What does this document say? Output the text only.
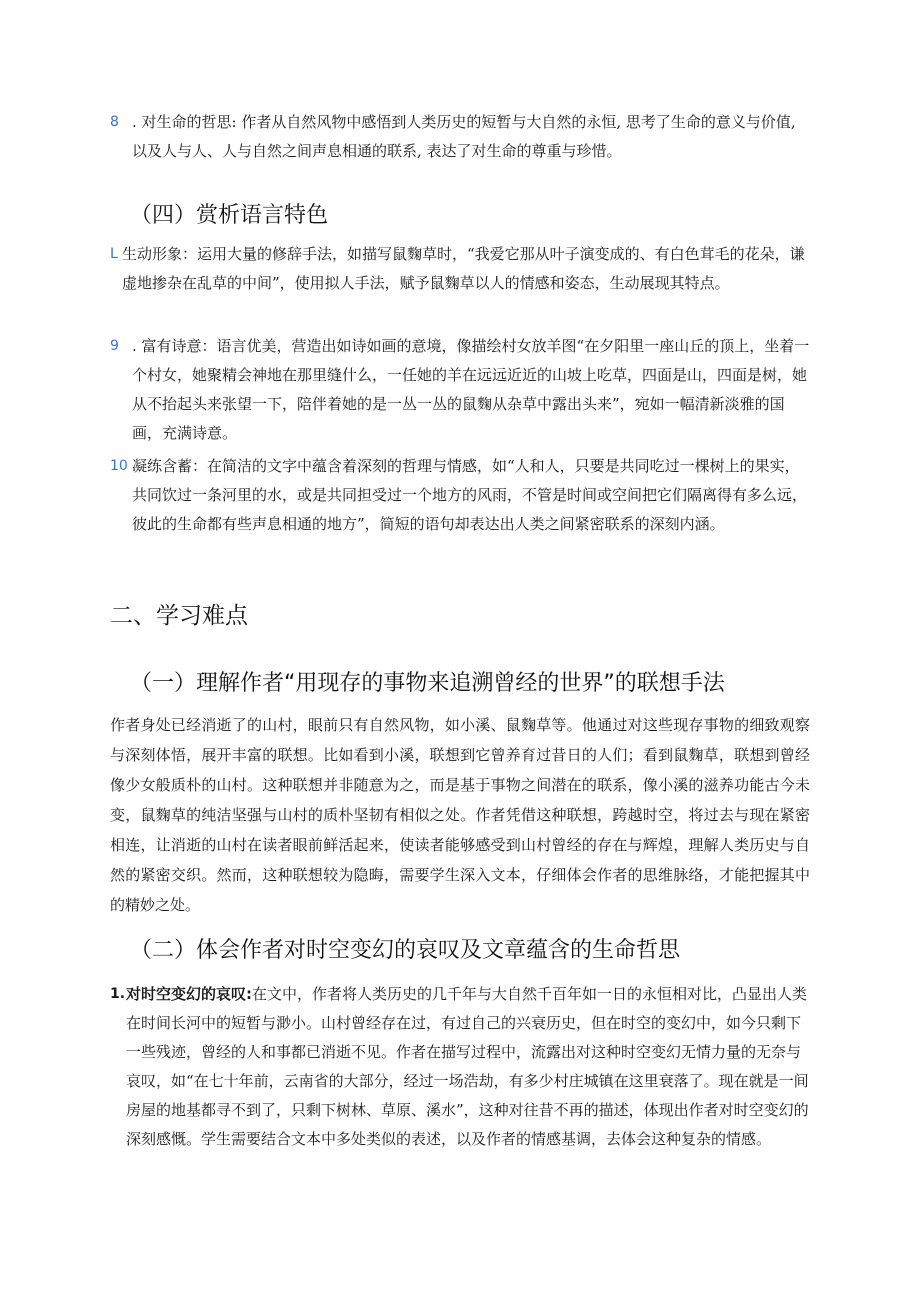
8 . 对生命的哲思: 作者从自然风物中感悟到人类历史的短暂与大自然的永恒, 思考了生命的意义与价值, 以及人与人、人与自然之间声息相通的联系, 表达了对生命的尊重与珍惜。
（四）赏析语言特色
L 生动形象：运用大量的修辞手法，如描写鼠麴草时，“我爱它那从叶子演变成的、有白色茸毛的花朵，谦虚地掺杂在乱草的中间”，使用拟人手法，赋予鼠麴草以人的情感和姿态，生动展现其特点。
9 . 富有诗意：语言优美，营造出如诗如画的意境，像描绘村女放羊图“在夕阳里一座山丘的顶上，坐着一个村女，她聚精会神地在那里缝什么，一任她的羊在远远近近的山坡上吃草，四面是山，四面是树，她从不抬起头来张望一下，陪伴着她的是一丛一丛的鼠麴从杂草中露出头来”，宛如一幅清新淡雅的国画，充满诗意。
10 凝练含蓄：在简洁的文字中蕴含着深刻的哲理与情感，如“人和人，只要是共同吃过一棵树上的果实，共同饮过一条河里的水，或是共同担受过一个地方的风雨，不管是时间或空间把它们隔离得有多么远，彼此的生命都有些声息相通的地方”，简短的语句却表达出人类之间紧密联系的深刻内涵。
二、学习难点
（一）理解作者“用现存的事物来追溯曾经的世界”的联想手法
作者身处已经消逝了的山村，眼前只有自然风物，如小溪、鼠麴草等。他通过对这些现存事物的细致观察与深刻体悟，展开丰富的联想。比如看到小溪，联想到它曾养育过昔日的人们；看到鼠麴草，联想到曾经像少女般质朴的山村。这种联想并非随意为之，而是基于事物之间潜在的联系，像小溪的滋养功能古今未变，鼠麴草的纯洁坚强与山村的质朴坚韧有相似之处。作者凭借这种联想，跨越时空，将过去与现在紧密相连，让消逝的山村在读者眼前鲜活起来，使读者能够感受到山村曾经的存在与辉煌，理解人类历史与自然的紧密交织。然而，这种联想较为隐晦，需要学生深入文本，仔细体会作者的思维脉络，才能把握其中的精妙之处。
（二）体会作者对时空变幻的哀叹及文章蕴含的生命哲思
1. 对时空变幻的哀叹:在文中，作者将人类历史的几千年与大自然千百年如一日的永恒相对比，凸显出人类在时间长河中的短暂与渺小。山村曾经存在过，有过自己的兴衰历史，但在时空的变幻中，如今只剩下一些残迹，曾经的人和事都已消逝不见。作者在描写过程中，流露出对这种时空变幻无情力量的无奈与哀叹，如“在七十年前，云南省的大部分，经过一场浩劫，有多少村庄城镇在这里衰落了。现在就是一间房屋的地基都寻不到了，只剩下树林、草原、溪水”，这种对往昔不再的描述，体现出作者对时空变幻的深刻感慨。学生需要结合文本中多处类似的表述，以及作者的情感基调，去体会这种复杂的情感。
